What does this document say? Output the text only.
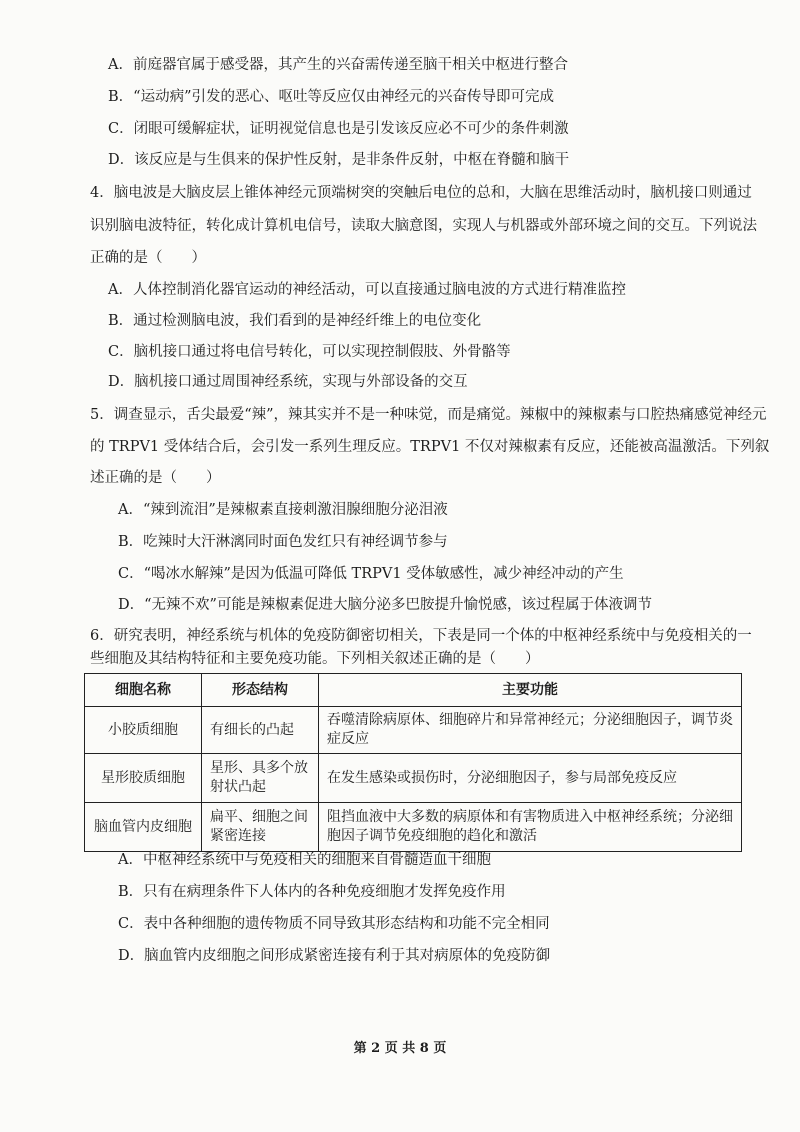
A．前庭器官属于感受器，其产生的兴奋需传递至脑干相关中枢进行整合
B．“运动病”引发的恶心、呕吐等反应仅由神经元的兴奋传导即可完成
C．闭眼可缓解症状，证明视觉信息也是引发该反应必不可少的条件刺激
D．该反应是与生俱来的保护性反射，是非条件反射，中枢在脊髓和脑干
4．脑电波是大脑皮层上锥体神经元顶端树突的突触后电位的总和，大脑在思维活动时，脑机接口则通过
识别脑电波特征，转化成计算机电信号，读取大脑意图，实现人与机器或外部环境之间的交互。下列说法
正确的是（　　）
A．人体控制消化器官运动的神经活动，可以直接通过脑电波的方式进行精准监控
B．通过检测脑电波，我们看到的是神经纤维上的电位变化
C．脑机接口通过将电信号转化，可以实现控制假肢、外骨骼等
D．脑机接口通过周围神经系统，实现与外部设备的交互
5．调查显示，舌尖最爱“辣”，辣其实并不是一种味觉，而是痛觉。辣椒中的辣椒素与口腔热痛感觉神经元
的 TRPV1 受体结合后，会引发一系列生理反应。TRPV1 不仅对辣椒素有反应，还能被高温激活。下列叙
述正确的是（　　）
A．“辣到流泪”是辣椒素直接刺激泪腺细胞分泌泪液
B．吃辣时大汗淋漓同时面色发红只有神经调节参与
C．“喝冰水解辣”是因为低温可降低 TRPV1 受体敏感性，减少神经冲动的产生
D．“无辣不欢”可能是辣椒素促进大脑分泌多巴胺提升愉悦感，该过程属于体液调节
6．研究表明，神经系统与机体的免疫防御密切相关，下表是同一个体的中枢神经系统中与免疫相关的一
些细胞及其结构特征和主要免疫功能。下列相关叙述正确的是（　　）
细胞名称	形态结构	主要功能
小胶质细胞	有细长的凸起	吞噬清除病原体、细胞碎片和异常神经元；分泌细胞因子，调节炎症反应
星形胶质细胞	星形、具多个放射状凸起	在发生感染或损伤时，分泌细胞因子，参与局部免疫反应
脑血管内皮细胞	扁平、细胞之间紧密连接	阻挡血液中大多数的病原体和有害物质进入中枢神经系统；分泌细胞因子调节免疫细胞的趋化和激活
A．中枢神经系统中与免疫相关的细胞来自骨髓造血干细胞
B．只有在病理条件下人体内的各种免疫细胞才发挥免疫作用
C．表中各种细胞的遗传物质不同导致其形态结构和功能不完全相同
D．脑血管内皮细胞之间形成紧密连接有利于其对病原体的免疫防御
第 2 页 共 8 页
